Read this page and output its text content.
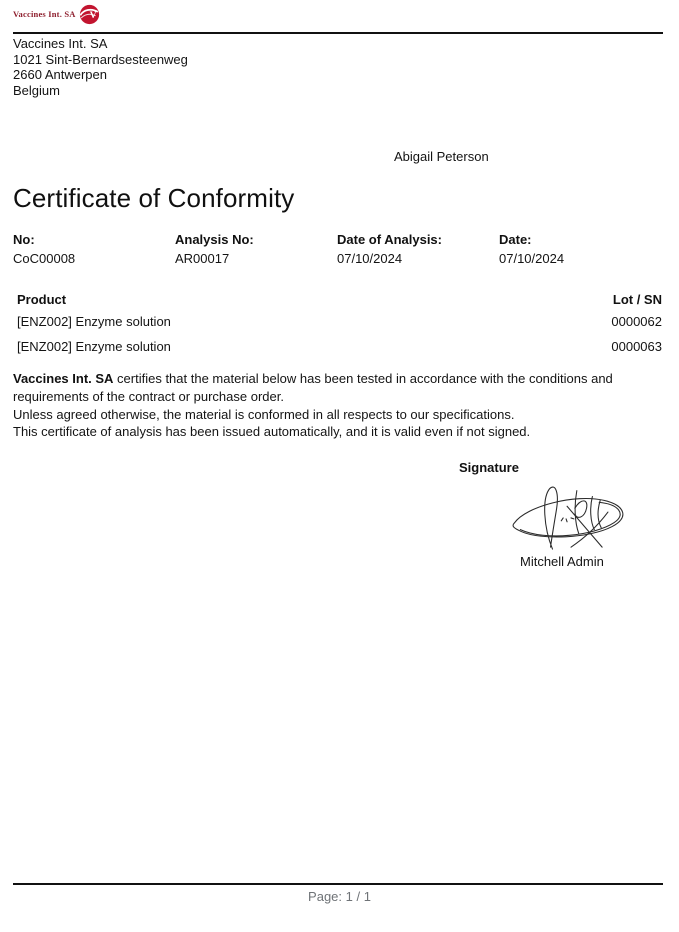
Vaccines Int. SA V
Vaccines Int. SA
1021 Sint-Bernardsesteenweg
2660 Antwerpen
Belgium
Abigail Peterson
Certificate of Conformity
No:
CoC00008
Analysis No:
AR00017
Date of Analysis:
07/10/2024
Date:
07/10/2024
Product	Lot / SN
[ENZ002] Enzyme solution	0000062
[ENZ002] Enzyme solution	0000063
Vaccines Int. SA certifies that the material below has been tested in accordance with the conditions and requirements of the contract or purchase order.
Unless agreed otherwise, the material is conformed in all respects to our specifications.
This certificate of analysis has been issued automatically, and it is valid even if not signed.
Signature
Mitchell Admin
Page: 1 / 1
